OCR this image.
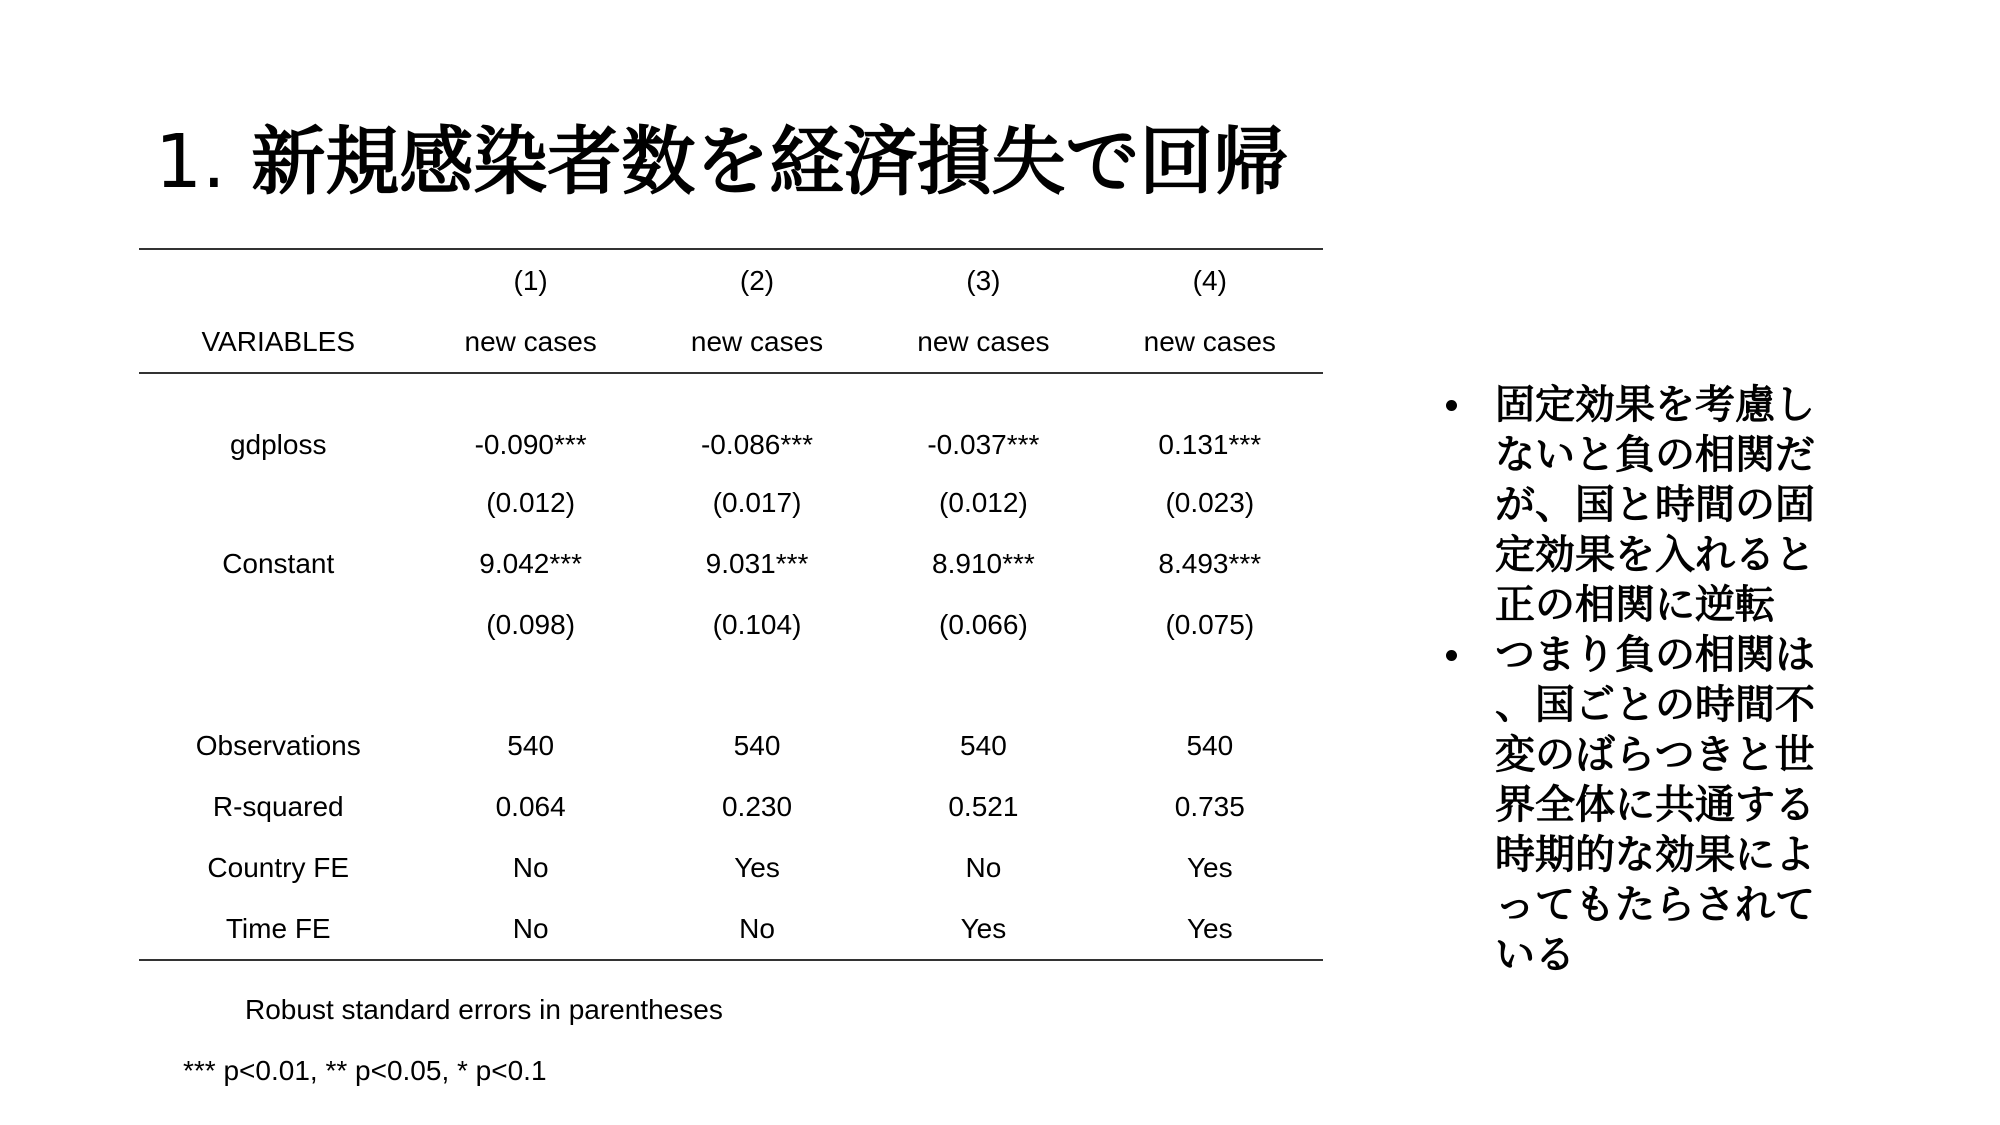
1. 新規感染者数を経済損失で回帰
	(1)	(2)	(3)	(4)
VARIABLES	new cases	new cases	new cases	new cases

gdploss	-0.090***	-0.086***	-0.037***	0.131***
	(0.012)	(0.017)	(0.012)	(0.023)
Constant	9.042***	9.031***	8.910***	8.493***
	(0.098)	(0.104)	(0.066)	(0.075)

Observations	540	540	540	540
R-squared	0.064	0.230	0.521	0.735
Country FE	No	Yes	No	Yes
Time FE	No	No	Yes	Yes
Robust standard errors in parentheses
*** p<0.01, ** p<0.05, * p<0.1
固定効果を考慮し
ないと負の相関だ
が、国と時間の固
定効果を入れると
正の相関に逆転
つまり負の相関は
、国ごとの時間不
変のばらつきと世
界全体に共通する
時期的な効果によ
ってもたらされて
いる
